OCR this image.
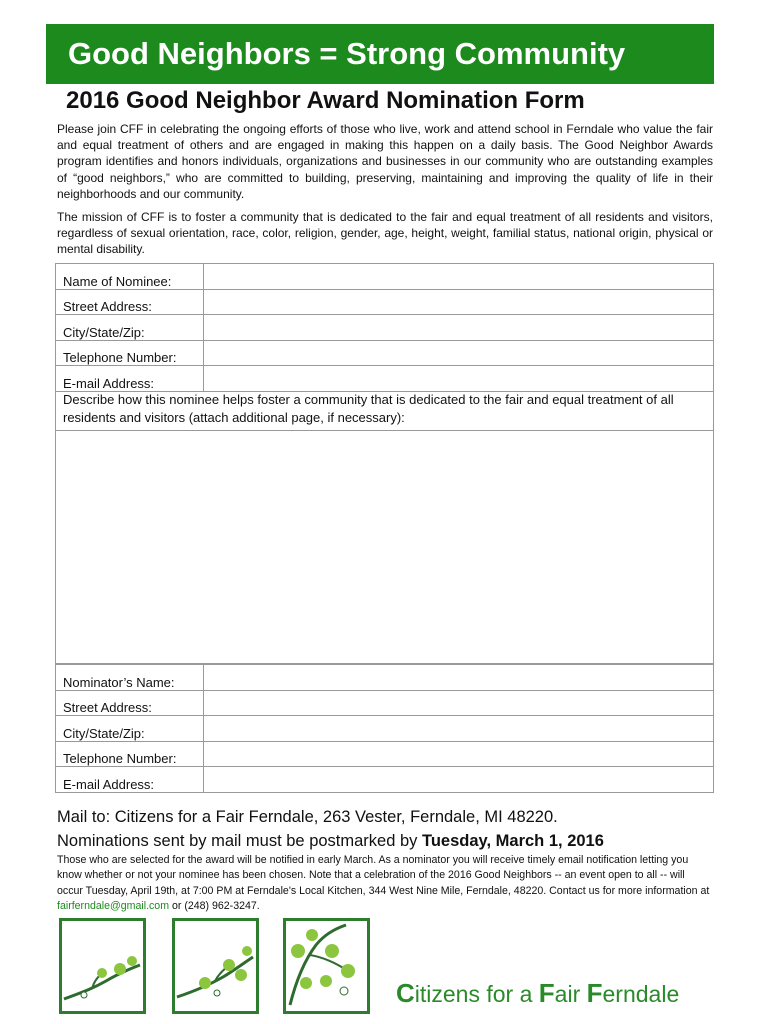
Good Neighbors = Strong Community
2016 Good Neighbor Award Nomination Form

Please join CFF in celebrating the ongoing efforts of those who live, work and attend school in Ferndale who value the fair and equal treatment of others and are engaged in making this happen on a daily basis. The Good Neighbor Awards program identifies and honors individuals, organizations and businesses in our community who are outstanding examples of “good neighbors,” who are committed to building, preserving, maintaining and improving the quality of life in their neighborhoods and our community.

The mission of CFF is to foster a community that is dedicated to the fair and equal treatment of all residents and visitors, regardless of sexual orientation, race, color, religion, gender, age, height, weight, familial status, national origin, physical or mental disability.

Name of Nominee:	
Street Address:	
City/State/Zip:	
Telephone Number:	
E-mail Address:	

Describe how this nominee helps foster a community that is dedicated to the fair and equal treatment of all residents and visitors (attach additional page, if necessary):

Nominator’s Name:	
Street Address:	
City/State/Zip:	
Telephone Number:	
E-mail Address:	
Mail to: Citizens for a Fair Ferndale, 263 Vester, Ferndale, MI 48220.
Nominations sent by mail must be postmarked by Tuesday, March 1, 2016

Those who are selected for the award will be notified in early March. As a nominator you will receive timely email notification letting you know whether or not your nominee has been chosen. Note that a celebration of the 2016 Good Neighbors -- an event open to all -- will occur Tuesday, April 19th, at 7:00 PM at Ferndale's Local Kitchen, 344 West Nine Mile, Ferndale, 48220. Contact us for more information at fairferndale@gmail.com or (248) 962-3247.

Citizens for a Fair Ferndale
